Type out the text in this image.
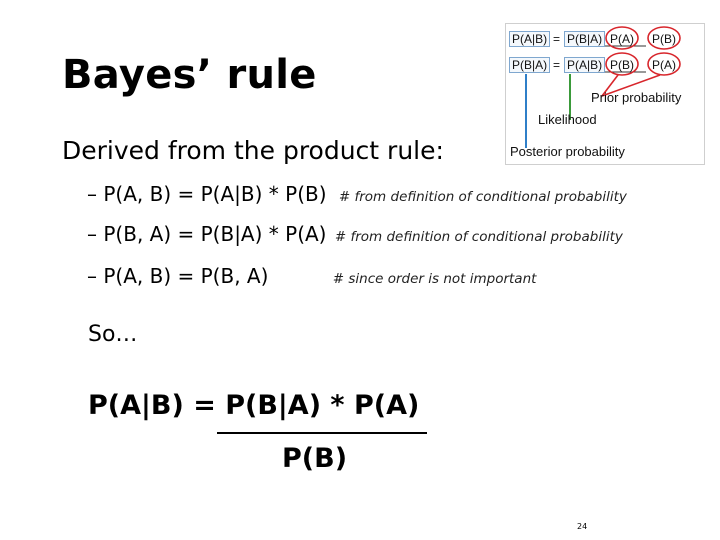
Bayes’ rule
Derived from the product rule:
– P(A, B) = P(A|B) * P(B) # from definition of conditional probability
– P(B, A) = P(B|A) * P(A) # from definition of conditional probability
– P(A, B) = P(B, A)	# since order is not important
So…
P(A|B) = P(B|A) * P(A)
P(B)
24
P(A|B) = P(B|A) P(A) P(B)
P(B|A) = P(A|B) P(B) P(A)
Prior probability
Likelihood
Posterior probability
